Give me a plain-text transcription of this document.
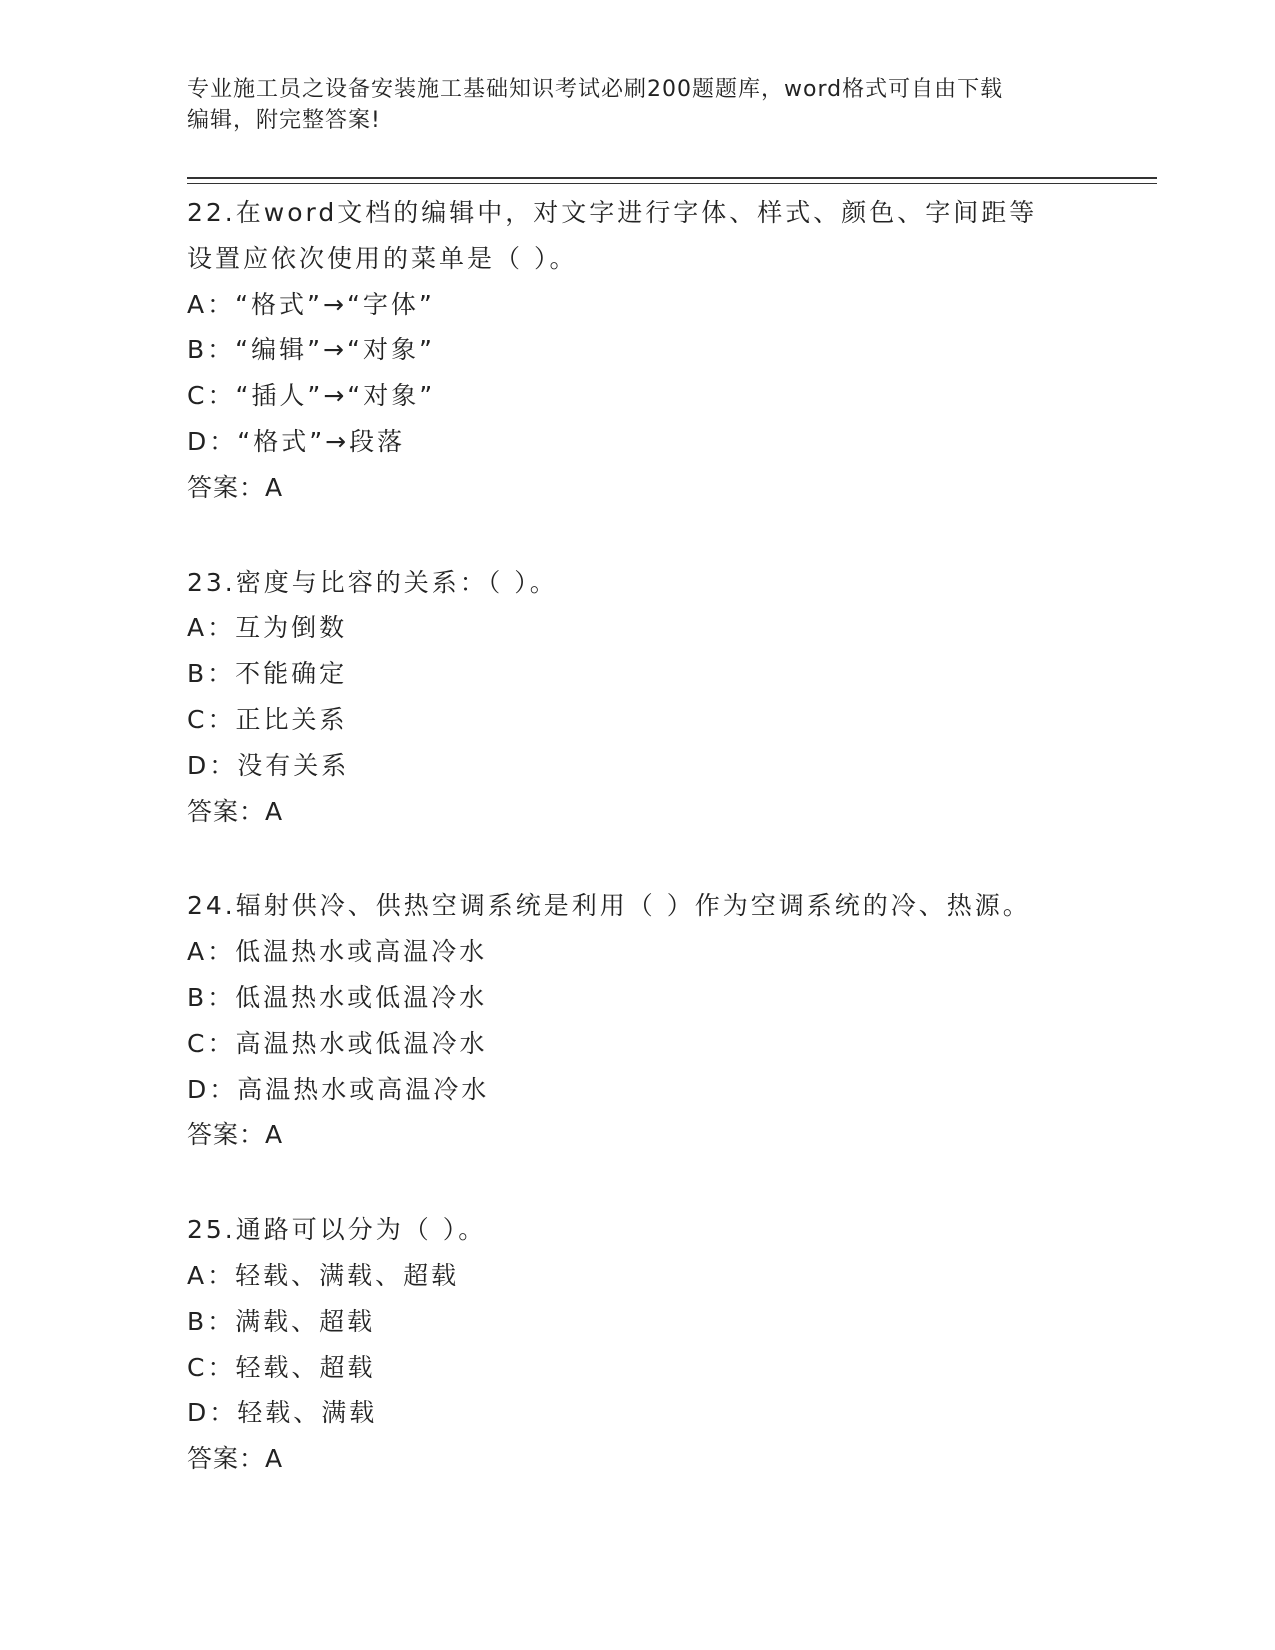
专业施工员之设备安装施工基础知识考试必刷200题题库，word格式可自由下载
编辑，附完整答案!
22.在word文档的编辑中，对文字进行字体、样式、颜色、字间距等
设置应依次使用的菜单是（ ）。
A：“格式”→“字体”
B：“编辑”→“对象”
C：“插人”→“对象”
D：“格式”→段落
答案：A
23.密度与比容的关系：（ ）。
A：互为倒数
B：不能确定
C：正比关系
D：没有关系
答案：A
24.辐射供冷、供热空调系统是利用（ ）作为空调系统的冷、热源。
A：低温热水或高温冷水
B：低温热水或低温冷水
C：高温热水或低温冷水
D：高温热水或高温冷水
答案：A
25.通路可以分为（ ）。
A：轻载、满载、超载
B：满载、超载
C：轻载、超载
D：轻载、满载
答案：A
